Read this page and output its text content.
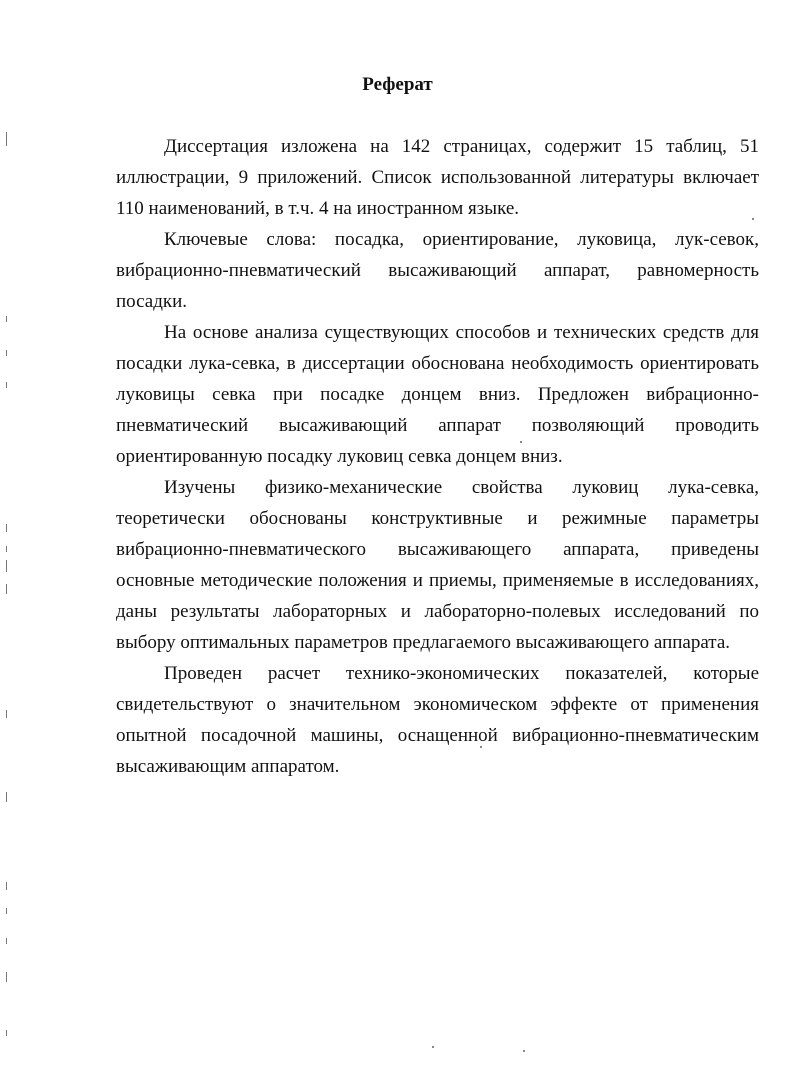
Реферат

Диссертация изложена на 142 страницах, содержит 15 таблиц, 51 иллюстрации, 9 приложений. Список использованной литературы включает 110 наименований, в т.ч. 4 на иностранном языке.

Ключевые слова: посадка, ориентирование, луковица, лук-севок, вибрационно-пневматический высаживающий аппарат, равномерность посадки.

На основе анализа существующих способов и технических средств для посадки лука-севка, в диссертации обоснована необходимость ориентировать луковицы севка при посадке донцем вниз. Предложен вибрационно-пневматический высаживающий аппарат позволяющий проводить ориентированную посадку луковиц севка донцем вниз.

Изучены физико-механические свойства луковиц лука-севка, теоретически обоснованы конструктивные и режимные параметры вибрационно-пневматического высаживающего аппарата, приведены основные методические положения и приемы, применяемые в исследованиях, даны результаты лабораторных и лабораторно-полевых исследований по выбору оптимальных параметров предлагаемого высаживающего аппарата.

Проведен расчет технико-экономических показателей, которые свидетельствуют о значительном экономическом эффекте от применения опытной посадочной машины, оснащенной вибрационно-пневматическим высаживающим аппаратом.
